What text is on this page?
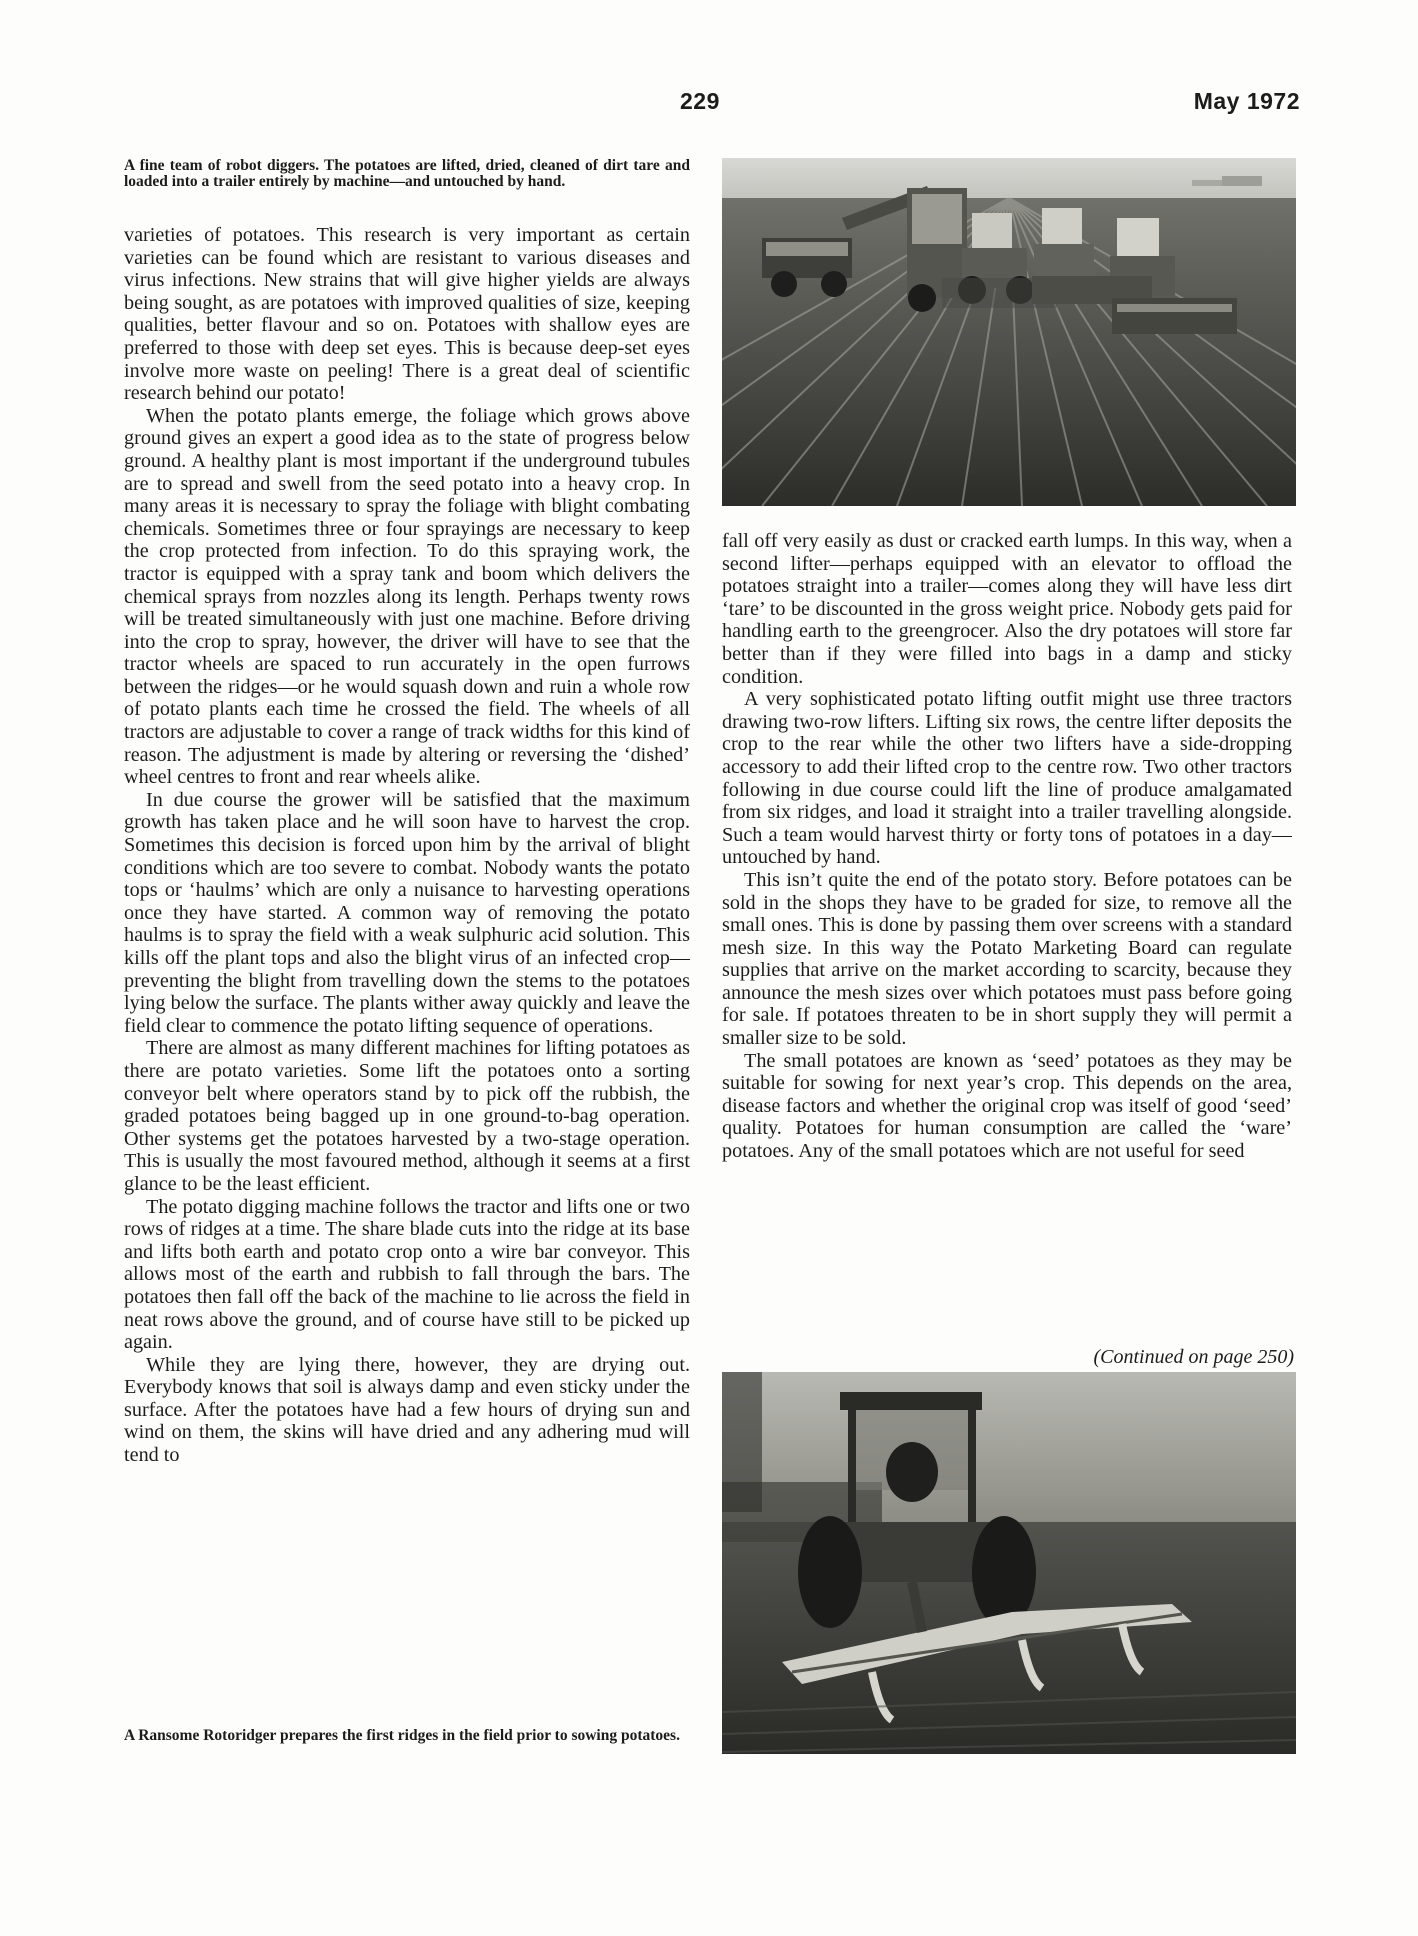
229	May 1972
A fine team of robot diggers. The potatoes are lifted, dried, cleaned of dirt tare and loaded into a trailer entirely by machine—and untouched by hand.

varieties of potatoes. This research is very important as certain varieties can be found which are resistant to various diseases and virus infections. New strains that will give higher yields are always being sought, as are potatoes with improved qualities of size, keeping qualities, better flavour and so on. Potatoes with shallow eyes are preferred to those with deep set eyes. This is because deep-set eyes involve more waste on peeling! There is a great deal of scientific research behind our potato!

When the potato plants emerge, the foliage which grows above ground gives an expert a good idea as to the state of progress below ground. A healthy plant is most important if the underground tubules are to spread and swell from the seed potato into a heavy crop. In many areas it is necessary to spray the foliage with blight combating chemicals. Sometimes three or four sprayings are necessary to keep the crop protected from infection. To do this spraying work, the tractor is equipped with a spray tank and boom which delivers the chemical sprays from nozzles along its length. Perhaps twenty rows will be treated simultaneously with just one machine. Before driving into the crop to spray, however, the driver will have to see that the tractor wheels are spaced to run accurately in the open furrows between the ridges—or he would squash down and ruin a whole row of potato plants each time he crossed the field. The wheels of all tractors are adjustable to cover a range of track widths for this kind of reason. The adjustment is made by altering or reversing the ‘dished’ wheel centres to front and rear wheels alike.

In due course the grower will be satisfied that the maximum growth has taken place and he will soon have to harvest the crop. Sometimes this decision is forced upon him by the arrival of blight conditions which are too severe to combat. Nobody wants the potato tops or ‘haulms’ which are only a nuisance to harvesting operations once they have started. A common way of removing the potato haulms is to spray the field with a weak sulphuric acid solution. This kills off the plant tops and also the blight virus of an infected crop—preventing the blight from travelling down the stems to the potatoes lying below the surface. The plants wither away quickly and leave the field clear to commence the potato lifting sequence of operations.

There are almost as many different machines for lifting potatoes as there are potato varieties. Some lift the potatoes onto a sorting conveyor belt where operators stand by to pick off the rubbish, the graded potatoes being bagged up in one ground-to-bag operation. Other systems get the potatoes harvested by a two-stage operation. This is usually the most favoured method, although it seems at a first glance to be the least efficient.

The potato digging machine follows the tractor and lifts one or two rows of ridges at a time. The share blade cuts into the ridge at its base and lifts both earth and potato crop onto a wire bar conveyor. This allows most of the earth and rubbish to fall through the bars. The potatoes then fall off the back of the machine to lie across the field in neat rows above the ground, and of course have still to be picked up again.

While they are lying there, however, they are drying out. Everybody knows that soil is always damp and even sticky under the surface. After the potatoes have had a few hours of drying sun and wind on them, the skins will have dried and any adhering mud will tend to

A Ransome Rotoridger prepares the first ridges in the field prior to sowing potatoes.

fall off very easily as dust or cracked earth lumps. In this way, when a second lifter—perhaps equipped with an elevator to offload the potatoes straight into a trailer—comes along they will have less dirt ‘tare’ to be discounted in the gross weight price. Nobody gets paid for handling earth to the greengrocer. Also the dry potatoes will store far better than if they were filled into bags in a damp and sticky condition.

A very sophisticated potato lifting outfit might use three tractors drawing two-row lifters. Lifting six rows, the centre lifter deposits the crop to the rear while the other two lifters have a side-dropping accessory to add their lifted crop to the centre row. Two other tractors following in due course could lift the line of produce amalgamated from six ridges, and load it straight into a trailer travelling alongside. Such a team would harvest thirty or forty tons of potatoes in a day—untouched by hand.

This isn’t quite the end of the potato story. Before potatoes can be sold in the shops they have to be graded for size, to remove all the small ones. This is done by passing them over screens with a standard mesh size. In this way the Potato Marketing Board can regulate supplies that arrive on the market according to scarcity, because they announce the mesh sizes over which potatoes must pass before going for sale. If potatoes threaten to be in short supply they will permit a smaller size to be sold.

The small potatoes are known as ‘seed’ potatoes as they may be suitable for sowing for next year’s crop. This depends on the area, disease factors and whether the original crop was itself of good ‘seed’ quality. Potatoes for human consumption are called the ‘ware’ potatoes. Any of the small potatoes which are not useful for seed

(Continued on page 250)
